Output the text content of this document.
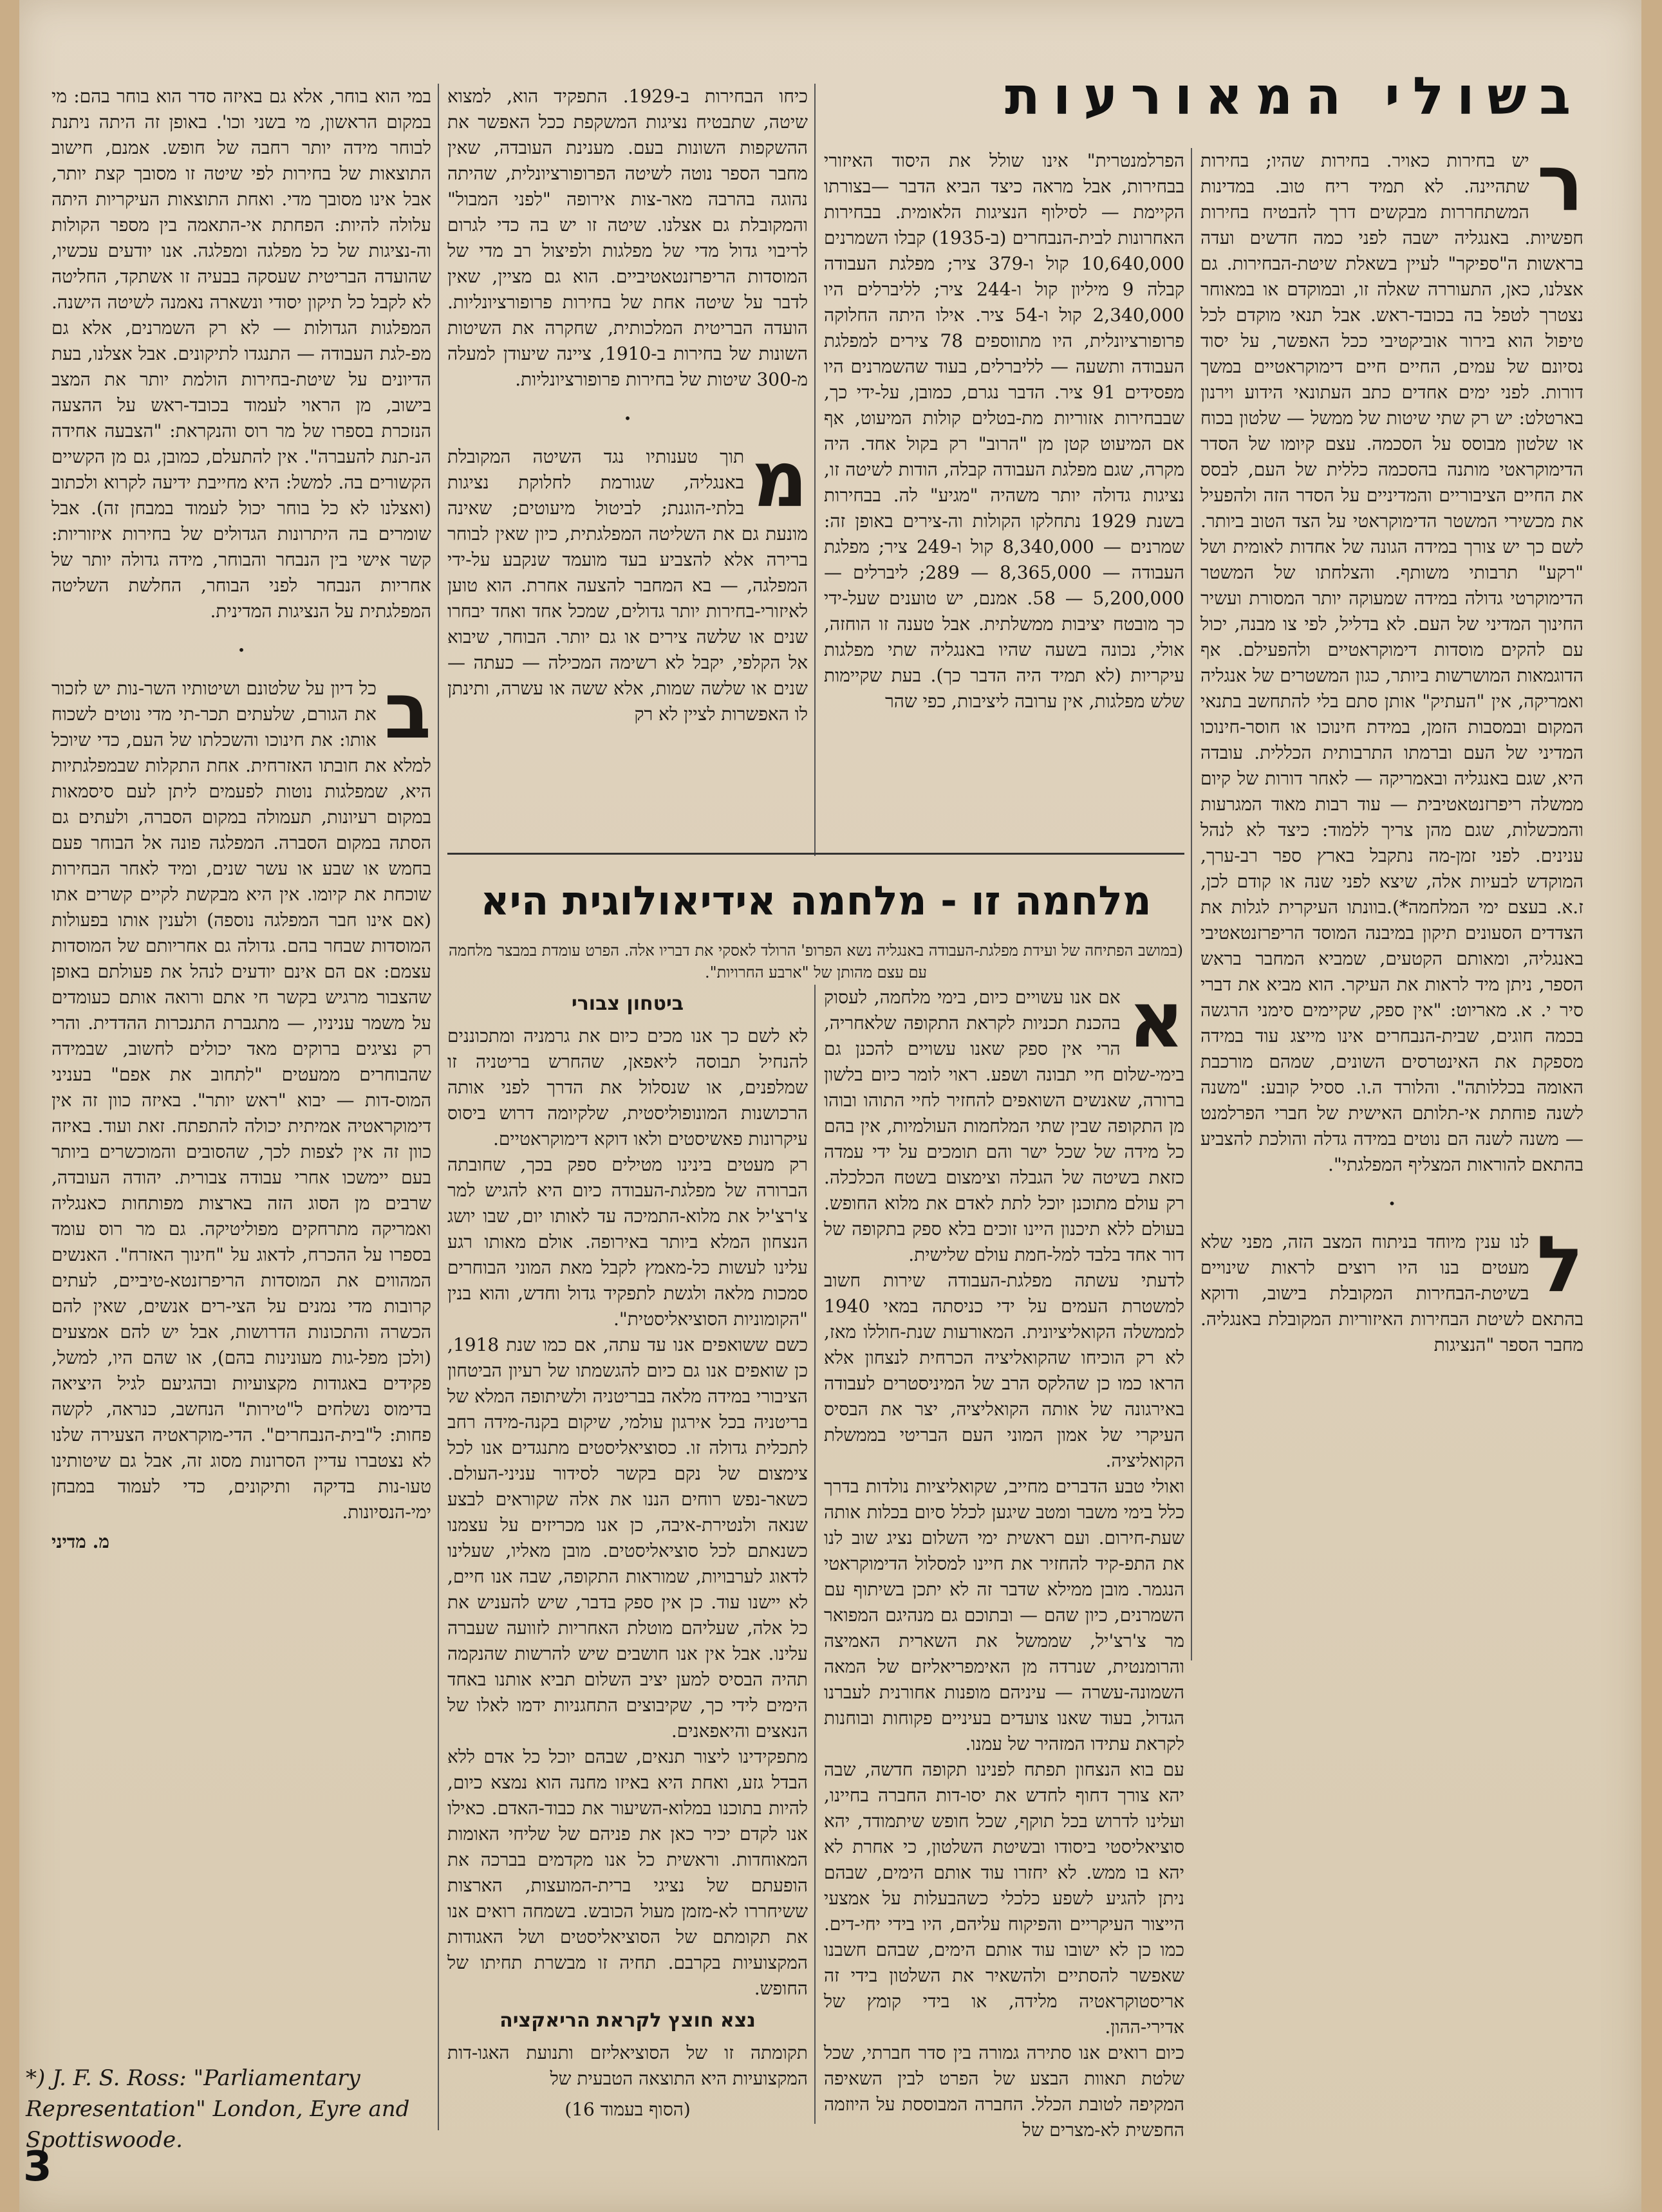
בשולי המאורעות

ר
יש בחירות כאויר. בחירות שהיו; בחירות שתהיינה. לא תמיד ריח טוב. במדינות המשתחררות מבקשים דרך להבטיח בחירות חפשיות. באנגליה ישבה לפני כמה חדשים ועדה בראשות ה"ספיקר" לעיין בשאלת שיטת-הבחירות. גם אצלנו, כאן, התעוררה שאלה זו, ובמוקדם או במאוחר נצטרך לטפל בה בכובד-ראש. אבל תנאי מוקדם לכל טיפול הוא בירור אוביקטיבי ככל האפשר, על יסוד נסיונם של עמים, החיים חיים דימוקראטיים במשך דורות. לפני ימים אחדים כתב העתונאי הידוע וירנון בארטלט: יש רק שתי שיטות של ממשל — שלטון בכוח או שלטון מבוסס על הסכמה. עצם קיומו של הסדר הדימוקראטי מותנה בהסכמה כללית של העם, לבסס את החיים הציבוריים והמדיניים על הסדר הזה ולהפעיל את מכשירי המשטר הדימוקראטי על הצד הטוב ביותר. לשם כך יש צורך במידה הגונה של אחדות לאומית ושל "רקע" תרבותי משותף. והצלחתו של המשטר הדימוקרטי גדולה במידה שמעוקה יותר המסורת ועשיר החינוך המדיני של העם. לא בדליל, לפי צו מבנה, יכול עם להקים מוסדות דימוקראטיים ולהפעילם. אף הדוגמאות המושרשות ביותר, כגון המשטרים של אנגליה ואמריקה, אין "העתיק" אותן סתם בלי להתחשב בתנאי המקום ובמסבות הזמן, במידת חינוכו או חוסר-חינוכו המדיני של העם וברמתו התרבותית הכללית. עובדה היא, שגם באנגליה ובאמריקה — לאחר דורות של קיום ממשלה ריפרזנטאטיבית — עוד רבות מאוד המגרעות והמכשלות, שגם מהן צריך ללמוד: כיצד לא לנהל ענינים. לפני זמן-מה נתקבל בארץ ספר רב-ערך, המוקדש לבעיות אלה, שיצא לפני שנה או קודם לכן, ז.א. בעצם ימי המלחמה*).בוונתו העיקרית לגלות את הצדדים הסעונים תיקון במיבנה המוסד הריפרזנטאטיבי באנגליה, ומאותם הקטעים, שמביא המחבר בראש הספר, ניתן מיד לראות את העיקר. הוא מביא את דברי סיר י. א. מאריוט: "אין ספק, שקיימים סימני הרגשה בכמה חוגים, שבית-הנבחרים אינו מייצג עוד במידה מספקת את האינטרסים השונים, שמהם מורכבת האומה בכללותה". והלורד ה.ו. ססיל קובע: "משנה לשנה פוחתת אי-תלותם האישית של חברי הפרלמנט — משנה לשנה הם נוטים במידה גדלה והולכת להצביע בהתאם להוראות המצליף המפלגתי".

•

ל
לנו ענין מיוחד בניתוח המצב הזה, מפני שלא מעטים בנו היו רוצים לראות שינויים בשיטת-הבחירות המקובלת בישוב, ודוקא בהתאם לשיטת הבחירות האיזוריות המקובלת באנגליה. מחבר הספר "הנציגות

הפרלמנטרית" אינו שולל את היסוד האיזורי בבחירות, אבל מראה כיצד הביא הדבר —בצורתו הקיימת — לסילוף הנציגות הלאומית. בבחירות האחרונות לבית-הנבחרים (ב-1935) קבלו השמרנים 10,640,000 קול ו-379 ציר; מפלגת העבודה קבלה 9 מיליון קול ו-244 ציר; לליברלים היו 2,340,000 קול ו-54 ציר. אילו היתה החלוקה פרופורציונלית, היו מתווספים 78 צירים למפלגת העבודה ותשעה — לליברלים, בעוד שהשמרנים היו מפסידים 91 ציר. הדבר נגרם, כמובן, על-ידי כך, שבבחירות אזוריות מת-בטלים קולות המיעוט, אף אם המיעוט קטן מן "הרוב" רק בקול אחד. היה מקרה, שגם מפלגת העבודה קבלה, הודות לשיטה זו, נציגות גדולה יותר משהיה "מגיע" לה. בבחירות בשנת 1929 נתחלקו הקולות וה-צירים באופן זה: שמרנים — 8,340,000 קול ו-249 ציר; מפלגת העבודה — 8,365,000 — 289; ליברלים — 5,200,000 — 58. אמנם, יש טוענים שעל-ידי כך מובטח יציבות ממשלתית. אבל טענה זו הוחזה, אולי, נכונה בשעה שהיו באנגליה שתי מפלגות עיקריות (לא תמיד היה הדבר כך). בעת שקיימות שלש מפלגות, אין ערובה ליציבות, כפי שהר

כיחו הבחירות ב-1929. התפקיד הוא, למצוא שיטה, שתבטיח נציגות המשקפת ככל האפשר את ההשקפות השונות בעם. מענינת העובדה, שאין מחבר הספר נוטה לשיטה הפרופורציונלית, שהיתה נהוגה בהרבה מאר-צות אירופה "לפני המבול" והמקובלת גם אצלנו. שיטה זו יש בה כדי לגרום לריבוי גדול מדי של מפלגות ולפיצול רב מדי של המוסדות הריפרזנטאטיביים. הוא גם מציין, שאין לדבר על שיטה אחת של בחירות פרופורציונליות. הועדה הבריטית המלכותית, שחקרה את השיטות השונות של בחירות ב-1910, ציינה שיעודן למעלה מ-300 שיטות של בחירות פרופורציונליות.

•

מ
תוך טענותיו נגד השיטה המקובלת באנגליה, שגורמת לחלוקת נציגות בלתי-הוגנת; לביטול מיעוטים; שאינה מונעת גם את השליטה המפלגתית, כיון שאין לבוחר ברירה אלא להצביע בעד מועמד שנקבע על-ידי המפלגה, — בא המחבר להצעה אחרת. הוא טוען לאיזורי-בחירות יותר גדולים, שמכל אחד ואחד יבחרו שנים או שלשה צירים או גם יותר. הבוחר, שיבוא אל הקלפי, יקבל לא רשימה המכילה — כעתה — שנים או שלשה שמות, אלא ששה או עשרה, ותינתן לו האפשרות לציין לא רק

במי הוא בוחר, אלא גם באיזה סדר הוא בוחר בהם: מי במקום הראשון, מי בשני וכו'. באופן זה היתה ניתנת לבוחר מידה יותר רחבה של חופש. אמנם, חישוב התוצאות של בחירות לפי שיטה זו מסובך קצת יותר, אבל אינו מסובך מדי. ואחת התוצאות העיקריות היתה עלולה להיות: הפחתת אי-התאמה בין מספר הקולות וה-נציגות של כל מפלגה ומפלגה. אנו יודעים עכשיו, שהועדה הבריטית שעסקה בבעיה זו אשתקד, החליטה לא לקבל כל תיקון יסודי ונשארה נאמנה לשיטה הישנה. המפלגות הגדולות — לא רק השמרנים, אלא גם מפ-לגת העבודה — התנגדו לתיקונים. אבל אצלנו, בעת הדיונים על שיטת-בחירות הולמת יותר את המצב בישוב, מן הראוי לעמוד בכובד-ראש על ההצעה הנזכרת בספרו של מר רוס והנקראת: "הצבעה אחידה הנ-תנת להעברה". אין להתעלם, כמובן, גם מן הקשיים הקשורים בה. למשל: היא מחייבת ידיעה לקרוא ולכתוב (ואצלנו לא כל בוחר יכול לעמוד במבחן זה). אבל שומרים בה היתרונות הגדולים של בחירות איזוריות: קשר אישי בין הנבחר והבוחר, מידה גדולה יותר של אחריות הנבחר לפני הבוחר, החלשת השליטה המפלגתית על הנציגות המדינית.

•

ב
כל דיון על שלטונם ושיטותיו השר-נות יש לזכור את הגורם, שלעתים תכר-תי מדי נוטים לשכוח אותו: את חינוכו והשכלתו של העם, כדי שיוכל למלא את חובתו האזרחית. אחת התקלות שבמפלגתיות היא, שמפלגות נוטות לפעמים ליתן לעם סיסמאות במקום רעיונות, תעמולה במקום הסברה, ולעתים גם הסתה במקום הסברה. המפלגה פונה אל הבוחר פעם בחמש או שבע או עשר שנים, ומיד לאחר הבחירות שוכחת את קיומו. אין היא מבקשת לקיים קשרים אתו (אם אינו חבר המפלגה נוספה) ולענין אותו בפעולות המוסדות שבחר בהם. גדולה גם אחריותם של המוסדות עצמם: אם הם אינם יודעים לנהל את פעולתם באופן שהצבור מרגיש בקשר חי אתם ורואה אותם כעומדים על משמר עניניו, — מתגברת התנכרות ההדדית. והרי רק נציגים ברוקים מאד יכולים לחשוב, שבמידה שהבוחרים ממעטים "לתחוב את אפם" בעניני המוס-דות — יבוא "ראש יותר". באיזה כוון זה אין דימוקראטיה אמיתית יכולה להתפתח. זאת ועוד. באיזה כוון זה אין לצפות לכך, שהסובים והמוכשרים ביותר בעם יימשכו אחרי עבודה צבורית. יהודה העובדה, שרבים מן הסוג הזה בארצות מפותחות כאנגליה ואמריקה מתרחקים מפוליטיקה. גם מר רוס עומד בספרו על ההכרח, לדאוג על "חינוך האזרח". האנשים המהווים את המוסדות הריפרזנטא-טיביים, לעתים קרובות מדי נמנים על הצי-רים אנשים, שאין להם הכשרה והתכונות הדרושות, אבל יש להם אמצעים (ולכן מפל-גות מעונינות בהם), או שהם היו, למשל, פקידים באגודות מקצועיות ובהגיעם לגיל היציאה בדימוס נשלחים ל"טירות" הנחשב, כנראה, לקשה פחות: ל"בית-הנבחרים". הדי-מוקראטיה הצעירה שלנו לא נצטברו עדיין הסרונות מסוג זה, אבל גם שיטותינו טעו-נות בדיקה ותיקונים, כדי לעמוד במבחן ימי-הנסיונות.

מ. מדיני
*) J. F. S. Ross: "Parliamentary Representation" London, Eyre and Spottiswoode.
מלחמה זו - מלחמה אידיאולוגית היא
(במושב הפתיחה של ועידת מפלגת-העבודה באנגליה נשא הפרופ' הרולד לאסקי את דבריו אלה. הפרט עומדת במבצר מלחמה עם עצם מהותן של "ארבע החרויות".

א
אם אנו עשויים כיום, בימי מלחמה, לעסוק בהכנת תכניות לקראת התקופה שלאחריה, הרי אין ספק שאנו עשויים להכנן גם בימי-שלום חיי תבונה ושפע. ראוי לומר כיום בלשון ברורה, שאנשים השואפים להחזיר לחיי התוהו ובוהו מן התקופה שבין שתי המלחמות העולמיות, אין בהם כל מידה של שכל ישר והם תומכים על ידי עמדה כזאת בשיטה של הגבלה וצימצום בשטח הכלכלה. רק עולם מתוכנן יוכל לתת לאדם את מלוא החופש. בעולם ללא תיכנון היינו זוכים בלא ספק בתקופה של דור אחד בלבד למל-חמת עולם שלישית.

לדעתי עשתה מפלגת-העבודה שירות חשוב למשטרת העמים על ידי כניסתה במאי 1940 לממשלה הקואליציונית. המאורעות שנת-חוללו מאז, לא רק הוכיחו שהקואליציה הכרחית לנצחון אלא הראו כמו כן שהלקס הרב של המיניסטרים לעבודה באירגונה של אותה הקואליציה, יצר את הבסיס העיקרי של אמון המוני העם הבריטי בממשלת הקואליציה.

ואולי טבע הדברים מחייב, שקואליציות נולדות בדרך כלל בימי משבר ומטב שיגען לכלל סיום בכלות אותה שעת-חירום. ועם ראשית ימי השלום נציג שוב לנו את התפ-קיד להחזיר את חיינו למסלול הדימוקראטי הנגמר. מובן ממילא שדבר זה לא יתכן בשיתוף עם השמרנים, כיון שהם — ובתוכם גם מנהיגם המפואר מר צ'רצ'יל, שממשל את השארית האמיצה והרומנטית, שנרדה מן האימפריאליזם של המאה השמונה-עשרה — עיניהם מופנות אחורנית לעברנו הגדול, בעוד שאנו צועדים בעיניים פקוחות ובוחנות לקראת עתידו המזהיר של עמנו.

עם בוא הנצחון תפתח לפנינו תקופה חדשה, שבה יהא צורך דחוף לחדש את יסו-דות החברה בחיינו, ועלינו לדרוש בכל תוקף, שכל חופש שיתמודד, יהא סוציאליסטי ביסודו ובשיטת השלטון, כי אחרת לא יהא בו ממש. לא יחזרו עוד אותם הימים, שבהם ניתן להגיע לשפע כלכלי כשהבעלות על אמצעי הייצור העיקריים והפיקוח עליהם, היו בידי יחי-דים. כמו כן לא ישובו עוד אותם הימים, שבהם חשבנו שאפשר להסתיים ולהשאיר את השלטון בידי זה אריסטוקראטיה מלידה, או בידי קומץ של אדירי-ההון.

כיום רואים אנו סתירה גמורה בין סדר חברתי, שכל שלטת תאוות הבצע של הפרט לבין השאיפה המקיפה לטובת הכלל. החברה המבוססת על היוזמה החפשית לא-מצרים של

ביטחון צבורי

לא לשם כך אנו מכים כיום את גרמניה ומתכוננים להנחיל תבוסה ליאפאן, שהחרש בריטניה זו שמלפנים, או שנסלול את הדרך לפני אותה הרכושנות המונופוליסטית, שלקיומה דרוש ביסוס עיקרונות פאשיסטים ולאו דוקא דימוקראטיים.

רק מעטים בינינו מטילים ספק בכך, שחובתה הברורה של מפלגת-העבודה כיום היא להגיש למר צ'רצ'יל את מלוא-התמיכה עד לאותו יום, שבו יושג הנצחון המלא ביותר באירופה. אולם מאותו רגע עלינו לעשות כל-מאמץ לקבל מאת המוני הבוחרים סמכות מלאה ולגשת לתפקיד גדול וחדש, והוא בנין "הקומוניות הסוציאליסטית".

כשם ששואפים אנו עד עתה, אם כמו שנת 1918, כן שואפים אנו גם כיום להגשמתו של רעיון הביטחון הציבורי במידה מלאה בבריטניה ולשיתופה המלא של בריטניה בכל אירגון עולמי, שיקום בקנה-מידה רחב לתכלית גדולה זו. כסוציאליסטים מתנגדים אנו לכל צימצום של נקם בקשר לסידור עניני-העולם. כשאר-נפש רוחים הננו את אלה שקוראים לבצע שנאה ולנטירת-איבה, כן אנו מכריזים על עצמנו כשנאתם לכל סוציאליסטים. מובן מאליו, שעלינו לדאוג לערבויות, שמוראות התקופה, שבה אנו חיים, לא יישנו עוד. כן אין ספק בדבר, שיש להעניש את כל אלה, שעליהם מוטלת האחריות לזוועה שעברה עלינו. אבל אין אנו חושבים שיש להרשות שהנקמה תהיה הבסיס למען יציב השלום תביא אותנו באחד הימים לידי כך, שקיבוצים התחגניות ידמו לאלו של הנאצים והיאפאנים.

מתפקידינו ליצור תנאים, שבהם יוכל כל אדם ללא הבדל גזע, ואחת היא באיזו מחנה הוא נמצא כיום, להיות בתוכנו במלוא-השיעור את כבוד-האדם. כאילו אנו לקדם יכיר כאן את פניהם של שליחי האומות המאוחדות. וראשית כל אנו מקדמים בברכה את הופעתם של נציגי ברית-המועצות, הארצות ששיחררו לא-מזמן מעול הכובש. בשמחה רואים אנו את תקומתם של הסוציאליסטים ושל האגודות המקצועיות בקרבם. תחיה זו מבשרת תחיתו של החופש.

נצא חוצץ לקראת הריאקציה

תקומתה זו של הסוציאליזם ותנועת האגו-דות המקצועיות היא התוצאה הטבעית של

(הסוף בעמוד 16)
3
